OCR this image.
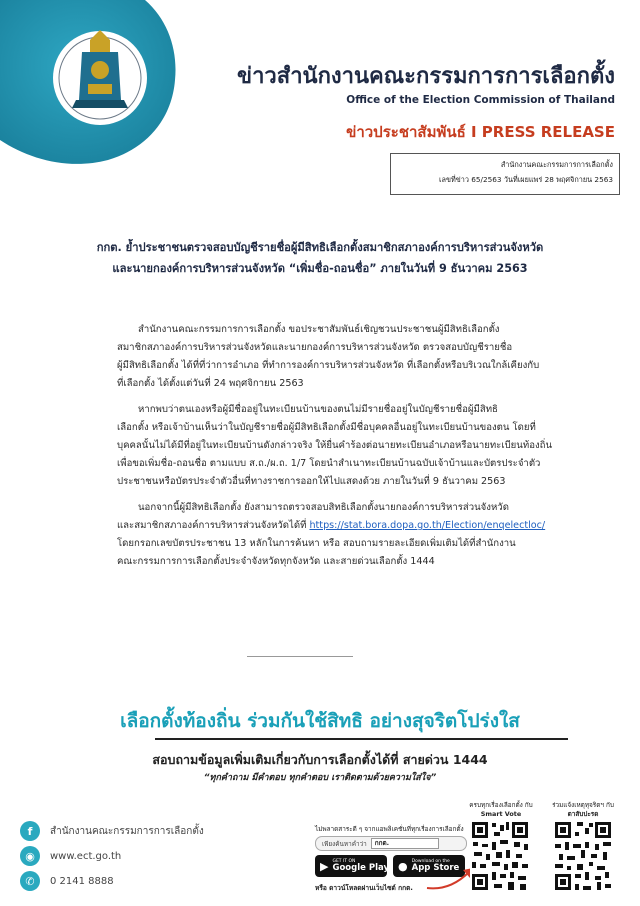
ข่าวสำนักงานคณะกรรมการการเลือกตั้ง
Office of the Election Commission of Thailand
ข่าวประชาสัมพันธ์ I PRESS RELEASE
สำนักงานคณะกรรมการการเลือกตั้ง
เลขที่ข่าว 65/2563 วันที่เผยแพร่ 28 พฤศจิกายน 2563
กกต. ย้ำประชาชนตรวจสอบบัญชีรายชื่อผู้มีสิทธิเลือกตั้งสมาชิกสภาองค์การบริหารส่วนจังหวัด
และนายกองค์การบริหารส่วนจังหวัด “เพิ่มชื่อ-ถอนชื่อ” ภายในวันที่ 9 ธันวาคม 2563
สำนักงานคณะกรรมการการเลือกตั้ง ขอประชาสัมพันธ์เชิญชวนประชาชนผู้มีสิทธิเลือกตั้ง
สมาชิกสภาองค์การบริหารส่วนจังหวัดและนายกองค์การบริหารส่วนจังหวัด ตรวจสอบบัญชีรายชื่อ
ผู้มีสิทธิเลือกตั้ง ได้ที่ที่ว่าการอำเภอ ที่ทำการองค์การบริหารส่วนจังหวัด ที่เลือกตั้งหรือบริเวณใกล้เคียงกับ
ที่เลือกตั้ง ได้ตั้งแต่วันที่ 24 พฤศจิกายน 2563
หากพบว่าตนเองหรือผู้มีชื่ออยู่ในทะเบียนบ้านของตนไม่มีรายชื่ออยู่ในบัญชีรายชื่อผู้มีสิทธิ
เลือกตั้ง หรือเจ้าบ้านเห็นว่าในบัญชีรายชื่อผู้มีสิทธิเลือกตั้งมีชื่อบุคคลอื่นอยู่ในทะเบียนบ้านของตน โดยที่
บุคคลนั้นไม่ได้มีที่อยู่ในทะเบียนบ้านดังกล่าวจริง ให้ยื่นคำร้องต่อนายทะเบียนอำเภอหรือนายทะเบียนท้องถิ่น
เพื่อขอเพิ่มชื่อ-ถอนชื่อ ตามแบบ ส.ถ./ผ.ถ. 1/7 โดยนำสำเนาทะเบียนบ้านฉบับเจ้าบ้านและบัตรประจำตัว
ประชาชนหรือบัตรประจำตัวอื่นที่ทางราชการออกให้ไปแสดงด้วย ภายในวันที่ 9 ธันวาคม 2563
นอกจากนี้ผู้มีสิทธิเลือกตั้ง ยังสามารถตรวจสอบสิทธิเลือกตั้งนายกองค์การบริหารส่วนจังหวัด
และสมาชิกสภาองค์การบริหารส่วนจังหวัดได้ที่ https://stat.bora.dopa.go.th/Election/enqelectloc/
โดยกรอกเลขบัตรประชาชน 13 หลักในการค้นหา หรือ สอบถามรายละเอียดเพิ่มเติมได้ที่สำนักงาน
คณะกรรมการการเลือกตั้งประจำจังหวัดทุกจังหวัด และสายด่วนเลือกตั้ง 1444
เลือกตั้งท้องถิ่น ร่วมกันใช้สิทธิ อย่างสุจริตโปร่งใส
สอบถามข้อมูลเพิ่มเติมเกี่ยวกับการเลือกตั้งได้ที่ สายด่วน 1444
“ทุกคำถาม มีคำตอบ ทุกคำตอบ เราติดตามด้วยความใส่ใจ”
f	สำนักงานคณะกรรมการการเลือกตั้ง
◉	www.ect.go.th
✆	0 2141 8888
ไม่พลาดสาระดี ๆ จากแอพลิเคชั่นที่ทุกเรื่องการเลือกตั้ง
เพียงค้นหาคำว่า	กกต.
▶ GET IT ON
Google Play ● Download on the
App Store
หรือ ดาวน์โหลดผ่านเว็บไซต์ กกต.
ครบทุกเรื่องเลือกตั้ง กับ
Smart Vote
ร่วมแจ้งเหตุทุจริตฯ กับ
ตาสับปะรด
